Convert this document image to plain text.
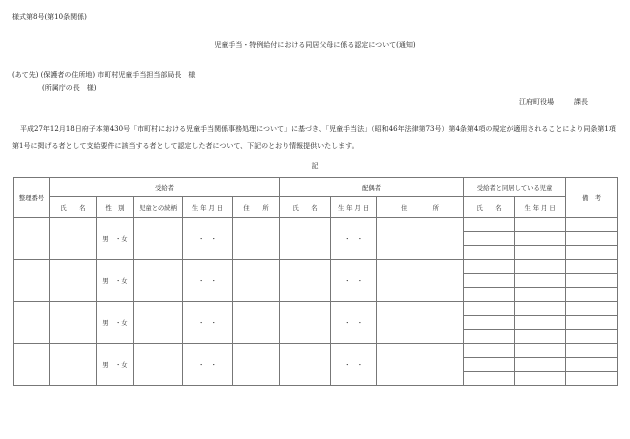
様式第8号(第10条関係)
児童手当・特例給付における同居父母に係る認定について(通知)
(あて先) (保護者の住所地) 市町村児童手当担当部局長　様
(所属庁の長　様)
江府町役場	課長
平成27年12月18日府子本第430号「市町村における児童手当関係事務処理について」に基づき、「児童手当法」（昭和46年法律第73号）第4条第4項の規定が適用されることにより同条第1項第1号に掲げる者として支給要件に該当する者として認定した者について、下記のとおり情報提供いたします。
記
整理番号	受給者					配偶者			受給者と同居している児童		備　考
	氏　　名	性　別	児童との続柄	生 年 月 日	住　　所	氏　　名	生 年 月 日	住　　　　所	氏　　名	生 年 月 日	
		男　・女		・　・			・　・				

		男　・女		・　・			・　・				

		男　・女		・　・			・　・				

		男　・女		・　・			・　・				
